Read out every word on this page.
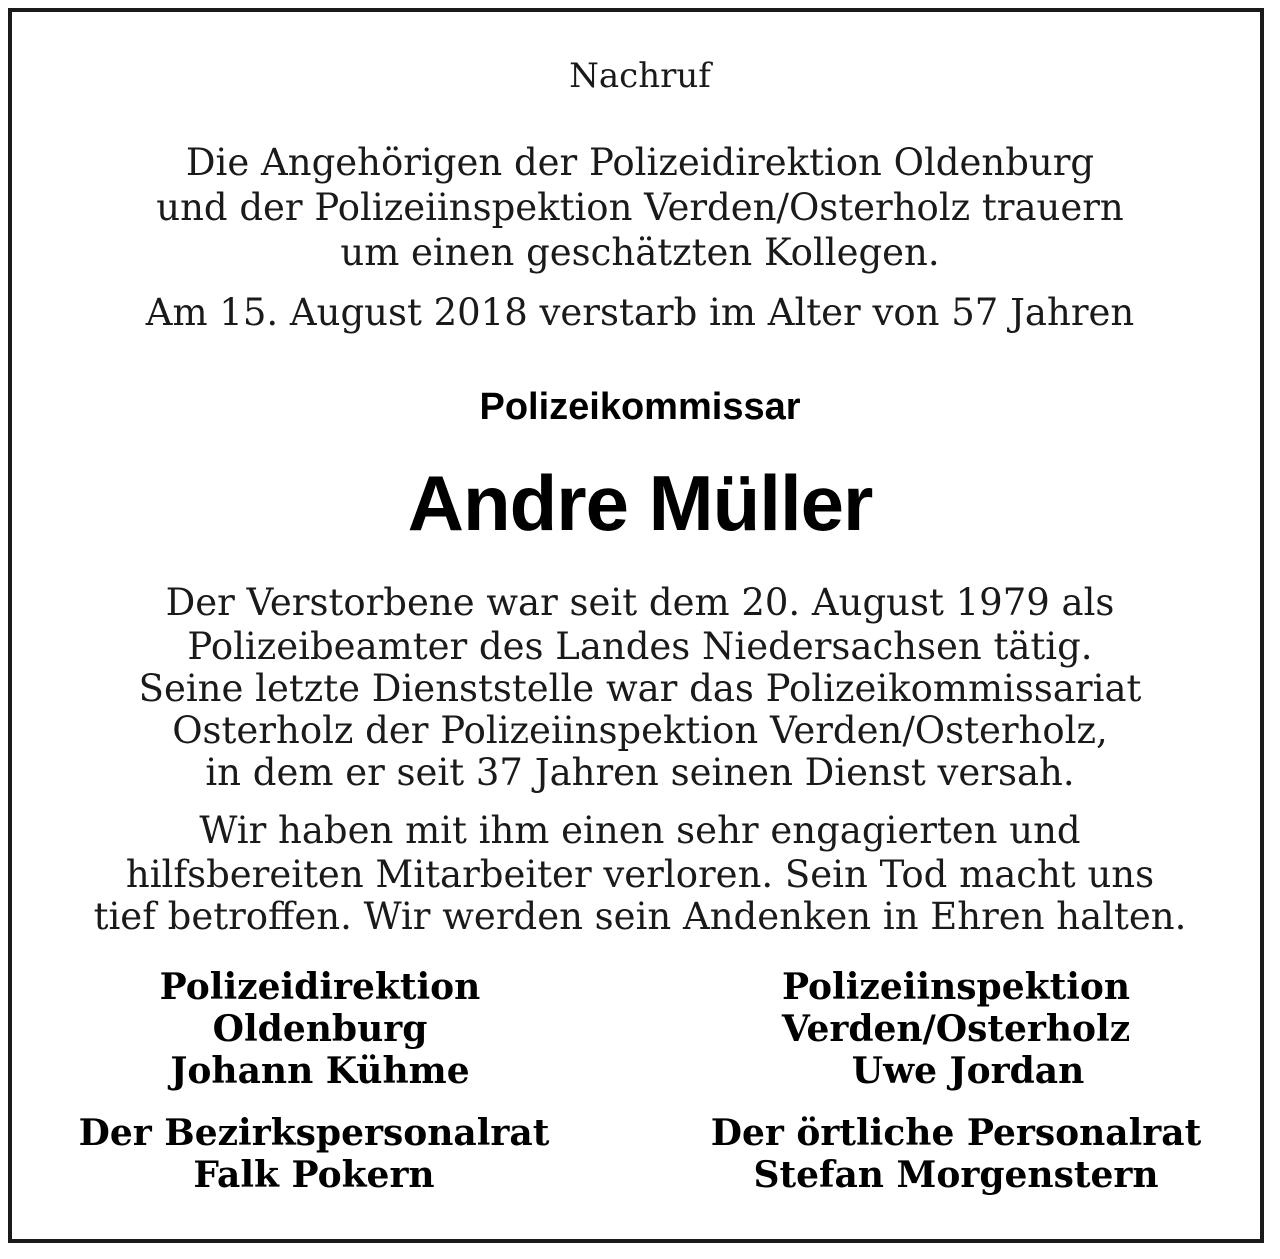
Nachruf
Die Angehörigen der Polizeidirektion Oldenburg
und der Polizeiinspektion Verden/Osterholz trauern
um einen geschätzten Kollegen.
Am 15. August 2018 verstarb im Alter von 57 Jahren
Polizeikommissar
Andre Müller
Der Verstorbene war seit dem 20. August 1979 als
Polizeibeamter des Landes Niedersachsen tätig.
Seine letzte Dienststelle war das Polizeikommissariat
Osterholz der Polizeiinspektion Verden/Osterholz,
in dem er seit 37 Jahren seinen Dienst versah.
Wir haben mit ihm einen sehr engagierten und
hilfsbereiten Mitarbeiter verloren. Sein Tod macht uns
tief betroffen. Wir werden sein Andenken in Ehren halten.
Polizeidirektion
Oldenburg
Johann Kühme
Polizeiinspektion
Verden/Osterholz
Uwe Jordan
Der Bezirkspersonalrat
Falk Pokern
Der örtliche Personalrat
Stefan Morgenstern
